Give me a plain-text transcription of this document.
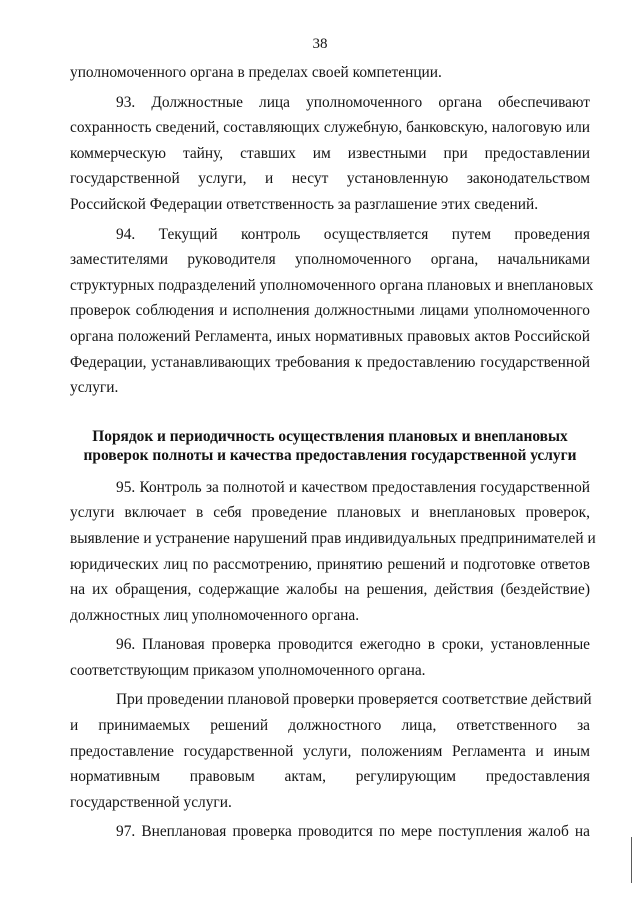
38
уполномоченного органа в пределах своей компетенции.
93. Должностные лица уполномоченного органа обеспечивают
сохранность сведений, составляющих служебную, банковскую, налоговую или
коммерческую тайну, ставших им известными при предоставлении
государственной услуги, и несут установленную законодательством
Российской Федерации ответственность за разглашение этих сведений.
94. Текущий контроль осуществляется путем проведения
заместителями руководителя уполномоченного органа, начальниками
структурных подразделений уполномоченного органа плановых и внеплановых
проверок соблюдения и исполнения должностными лицами уполномоченного
органа положений Регламента, иных нормативных правовых актов Российской
Федерации, устанавливающих требования к предоставлению государственной
услуги.
Порядок и периодичность осуществления плановых и внеплановых
проверок полноты и качества предоставления государственной услуги
95. Контроль за полнотой и качеством предоставления государственной
услуги включает в себя проведение плановых и внеплановых проверок,
выявление и устранение нарушений прав индивидуальных предпринимателей и
юридических лиц по рассмотрению, принятию решений и подготовке ответов
на их обращения, содержащие жалобы на решения, действия (бездействие)
должностных лиц уполномоченного органа.
96. Плановая проверка проводится ежегодно в сроки, установленные
соответствующим приказом уполномоченного органа.
При проведении плановой проверки проверяется соответствие действий
и принимаемых решений должностного лица, ответственного за
предоставление государственной услуги, положениям Регламента и иным
нормативным правовым актам, регулирующим предоставления
государственной услуги.
97. Внеплановая проверка проводится по мере поступления жалоб на
